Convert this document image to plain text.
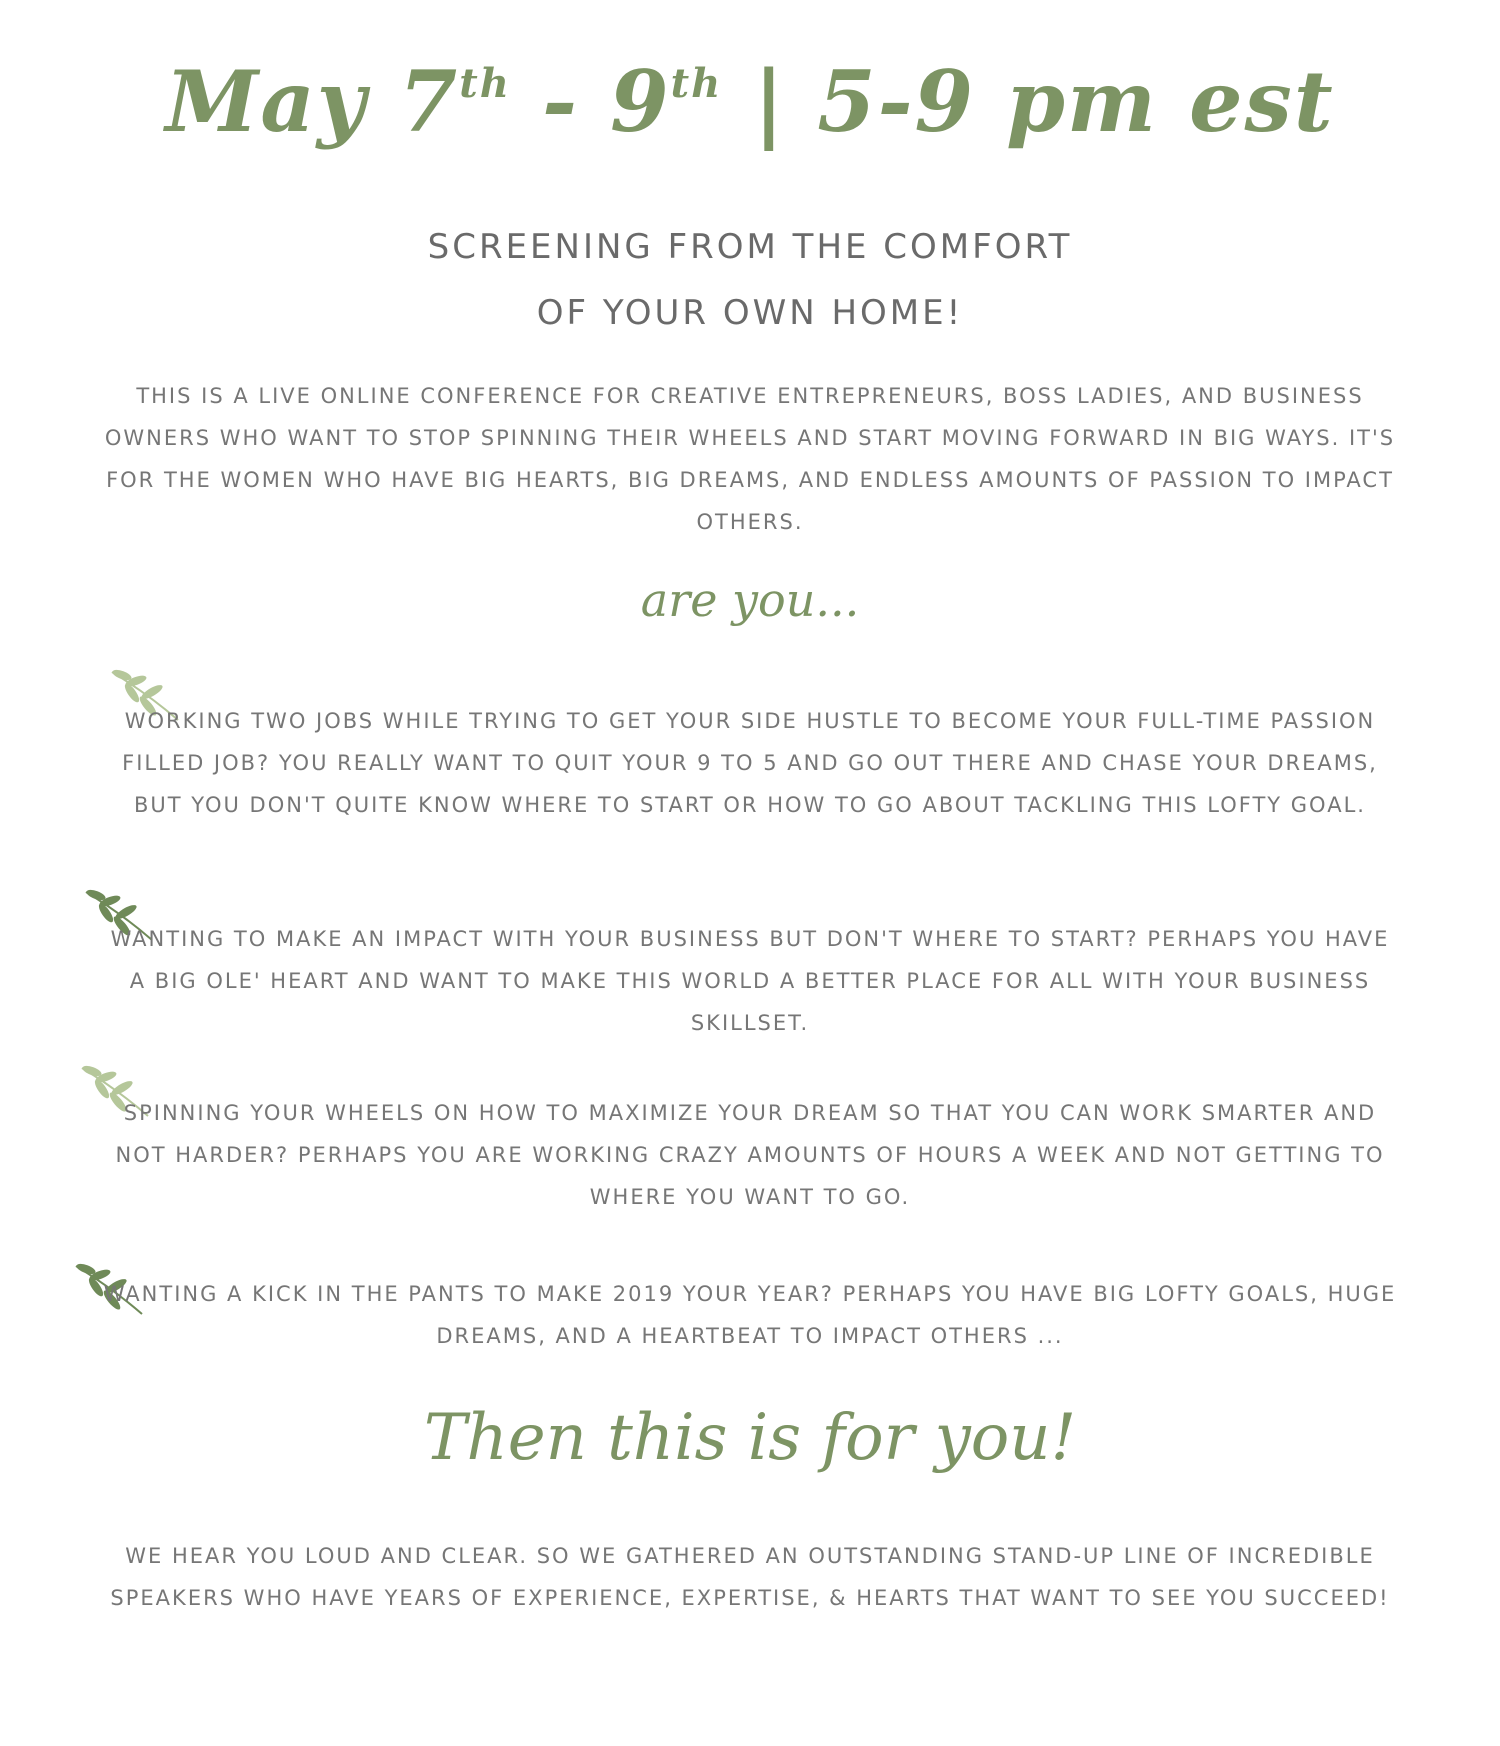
May 7th - 9th | 5-9 pm est
SCREENING FROM THE COMFORT
OF YOUR OWN HOME!

THIS IS A LIVE ONLINE CONFERENCE FOR CREATIVE ENTREPRENEURS, BOSS LADIES, AND BUSINESS OWNERS WHO WANT TO STOP SPINNING THEIR WHEELS AND START MOVING FORWARD IN BIG WAYS. IT'S FOR THE WOMEN WHO HAVE BIG HEARTS, BIG DREAMS, AND ENDLESS AMOUNTS OF PASSION TO IMPACT OTHERS.

are you...

WORKING TWO JOBS WHILE TRYING TO GET YOUR SIDE HUSTLE TO BECOME YOUR FULL-TIME PASSION FILLED JOB? YOU REALLY WANT TO QUIT YOUR 9 TO 5 AND GO OUT THERE AND CHASE YOUR DREAMS, BUT YOU DON'T QUITE KNOW WHERE TO START OR HOW TO GO ABOUT TACKLING THIS LOFTY GOAL.

WANTING TO MAKE AN IMPACT WITH YOUR BUSINESS BUT DON'T WHERE TO START? PERHAPS YOU HAVE A BIG OLE' HEART AND WANT TO MAKE THIS WORLD A BETTER PLACE FOR ALL WITH YOUR BUSINESS SKILLSET.

SPINNING YOUR WHEELS ON HOW TO MAXIMIZE YOUR DREAM SO THAT YOU CAN WORK SMARTER AND NOT HARDER? PERHAPS YOU ARE WORKING CRAZY AMOUNTS OF HOURS A WEEK AND NOT GETTING TO WHERE YOU WANT TO GO.

WANTING A KICK IN THE PANTS TO MAKE 2019 YOUR YEAR? PERHAPS YOU HAVE BIG LOFTY GOALS, HUGE DREAMS, AND A HEARTBEAT TO IMPACT OTHERS ...

Then this is for you!

WE HEAR YOU LOUD AND CLEAR. SO WE GATHERED AN OUTSTANDING STAND-UP LINE OF INCREDIBLE SPEAKERS WHO HAVE YEARS OF EXPERIENCE, EXPERTISE, & HEARTS THAT WANT TO SEE YOU SUCCEED!
